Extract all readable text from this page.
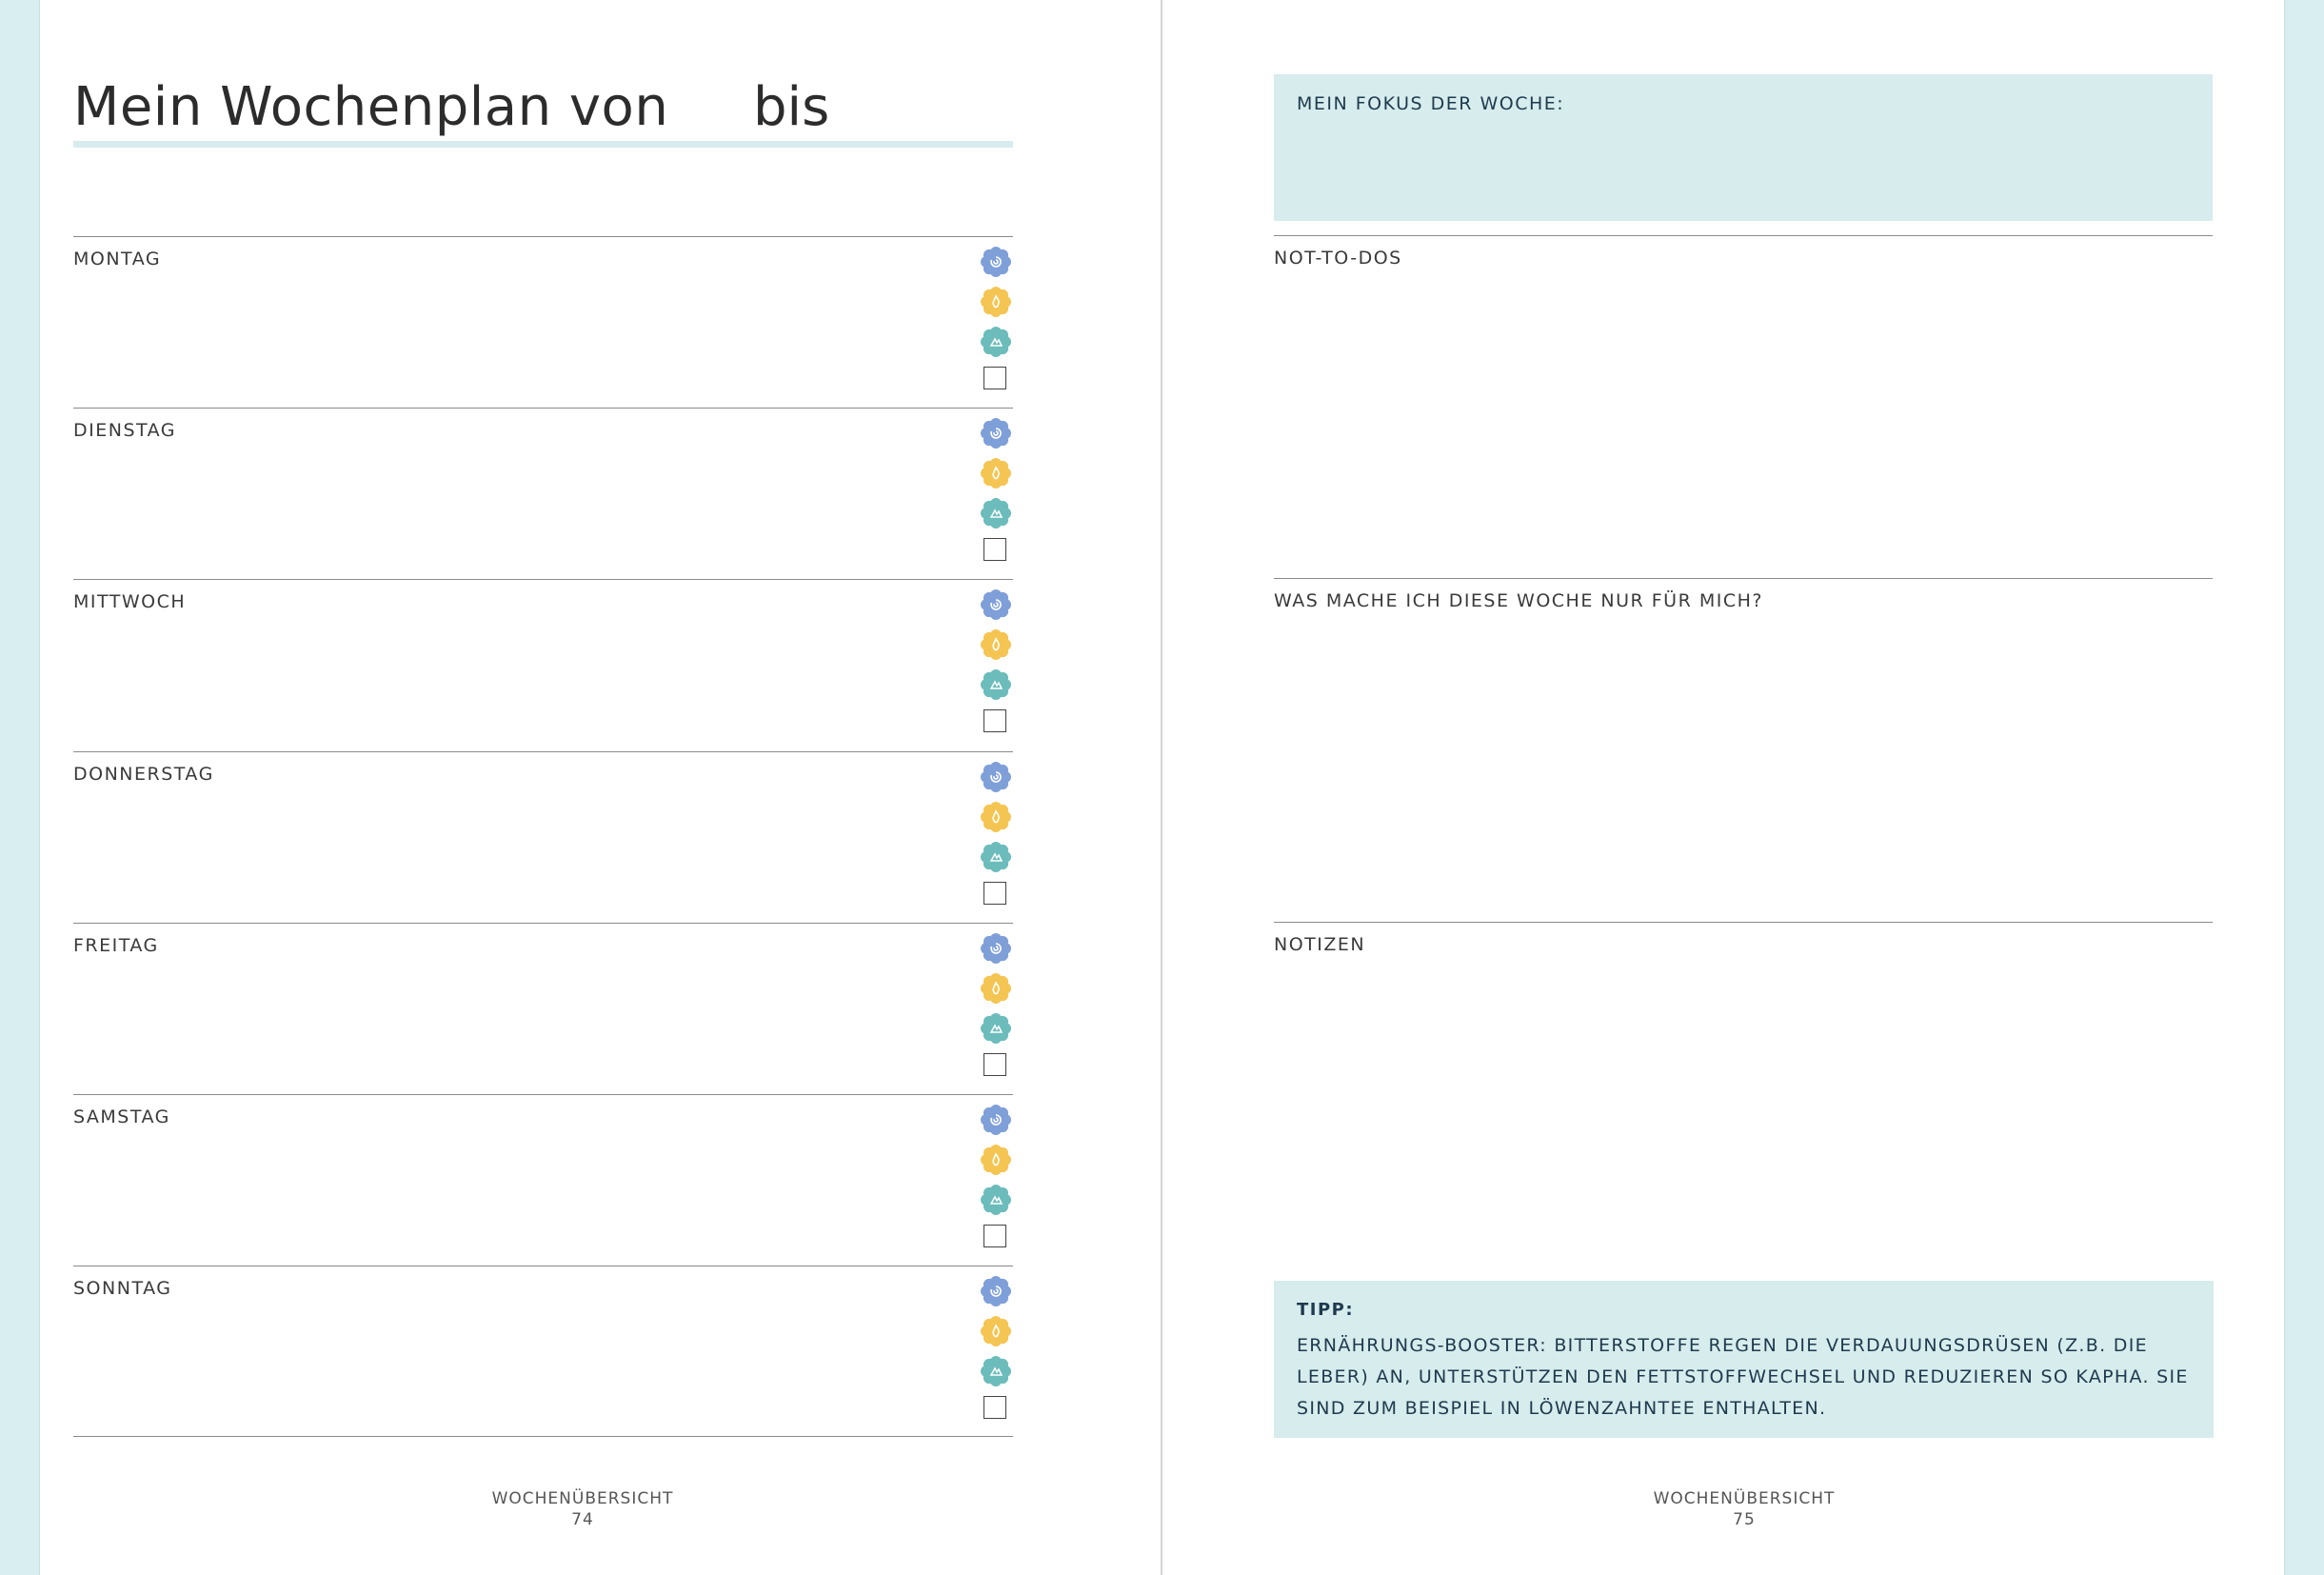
Mein Wochenplan von bis
MONTAG
DIENSTAG
MITTWOCH
DONNERSTAG
FREITAG
SAMSTAG
SONNTAG
WOCHENÜBERSICHT
74
MEIN FOKUS DER WOCHE:
NOT-TO-DOS
WAS MACHE ICH DIESE WOCHE NUR FÜR MICH?
NOTIZEN
TIPP:
ERNÄHRUNGS-BOOSTER: BITTERSTOFFE REGEN DIE VERDAUUNGSDRÜSEN (Z.B. DIE LEBER) AN, UNTERSTÜTZEN DEN FETTSTOFFWECHSEL UND REDUZIEREN SO KAPHA. SIE SIND ZUM BEISPIEL IN LÖWENZAHNTEE ENTHALTEN.
WOCHENÜBERSICHT
75
